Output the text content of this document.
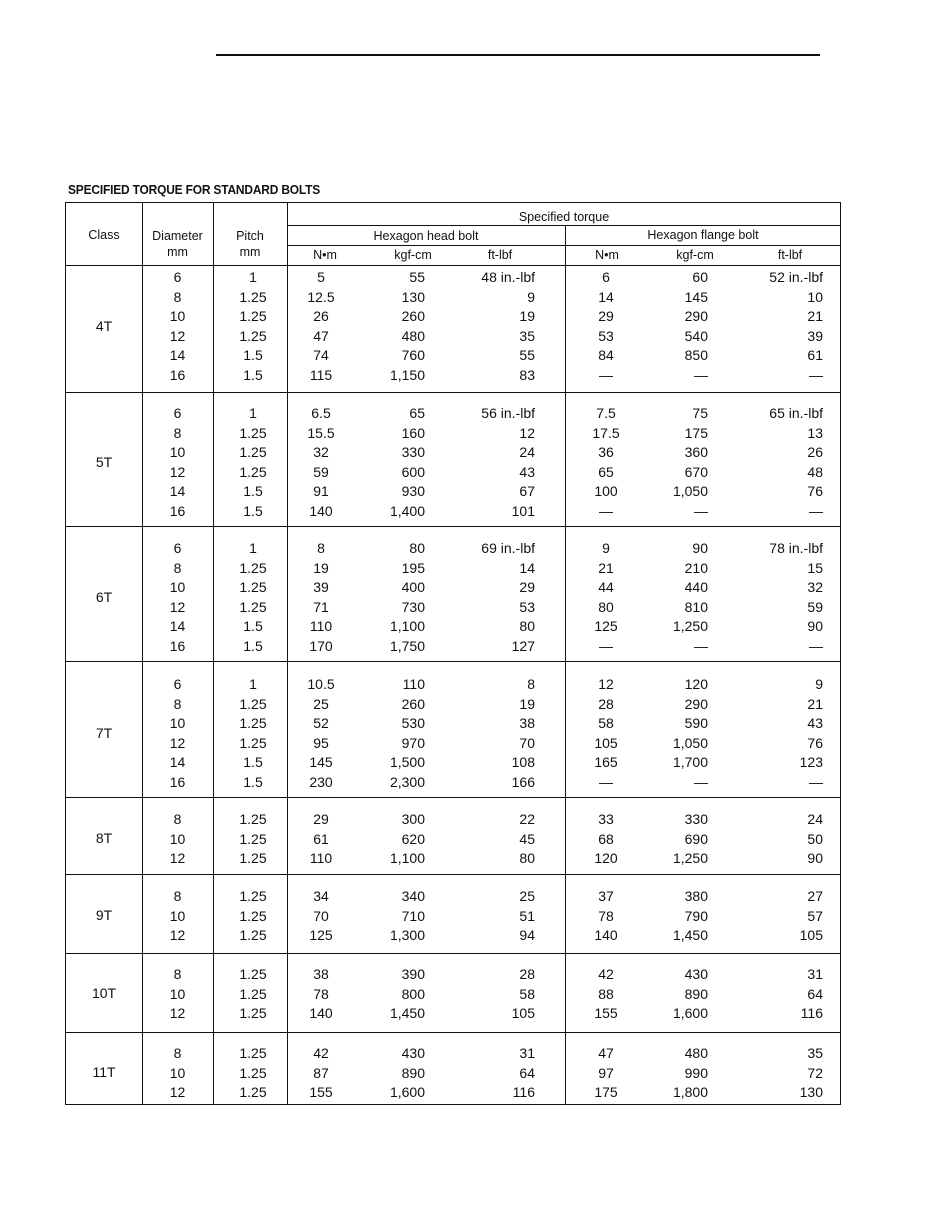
SPECIFIED TORQUE FOR STANDARD BOLTS
Class	Diameter
mm
Pitch
mm
Specified torque
Hexagon head bolt	Hexagon flange bolt
N•m	kgf-cm	ft-lbf	N•m	kgf-cm	ft-lbf
4T
6	1	5	55	48 in.-lbf	6	60	52 in.-lbf
8	1.25	12.5	130	9	14	145	10
10	1.25	26	260	19	29	290	21
12	1.25	47	480	35	53	540	39
14	1.5	74	760	55	84	850	61
16	1.5	115	1,150	83	—	—	—
5T
6	1	6.5	65	56 in.-lbf	7.5	75	65 in.-lbf
8	1.25	15.5	160	12	17.5	175	13
10	1.25	32	330	24	36	360	26
12	1.25	59	600	43	65	670	48
14	1.5	91	930	67	100	1,050	76
16	1.5	140	1,400	101	—	—	—
6T
6	1	8	80	69 in.-lbf	9	90	78 in.-lbf
8	1.25	19	195	14	21	210	15
10	1.25	39	400	29	44	440	32
12	1.25	71	730	53	80	810	59
14	1.5	110	1,100	80	125	1,250	90
16	1.5	170	1,750	127	—	—	—
7T
6	1	10.5	110	8	12	120	9
8	1.25	25	260	19	28	290	21
10	1.25	52	530	38	58	590	43
12	1.25	95	970	70	105	1,050	76
14	1.5	145	1,500	108	165	1,700	123
16	1.5	230	2,300	166	—	—	—
8T
8	1.25	29	300	22	33	330	24
10	1.25	61	620	45	68	690	50
12	1.25	110	1,100	80	120	1,250	90
9T
8	1.25	34	340	25	37	380	27
10	1.25	70	710	51	78	790	57
12	1.25	125	1,300	94	140	1,450	105
10T
8	1.25	38	390	28	42	430	31
10	1.25	78	800	58	88	890	64
12	1.25	140	1,450	105	155	1,600	116
11T
8	1.25	42	430	31	47	480	35
10	1.25	87	890	64	97	990	72
12	1.25	155	1,600	116	175	1,800	130
